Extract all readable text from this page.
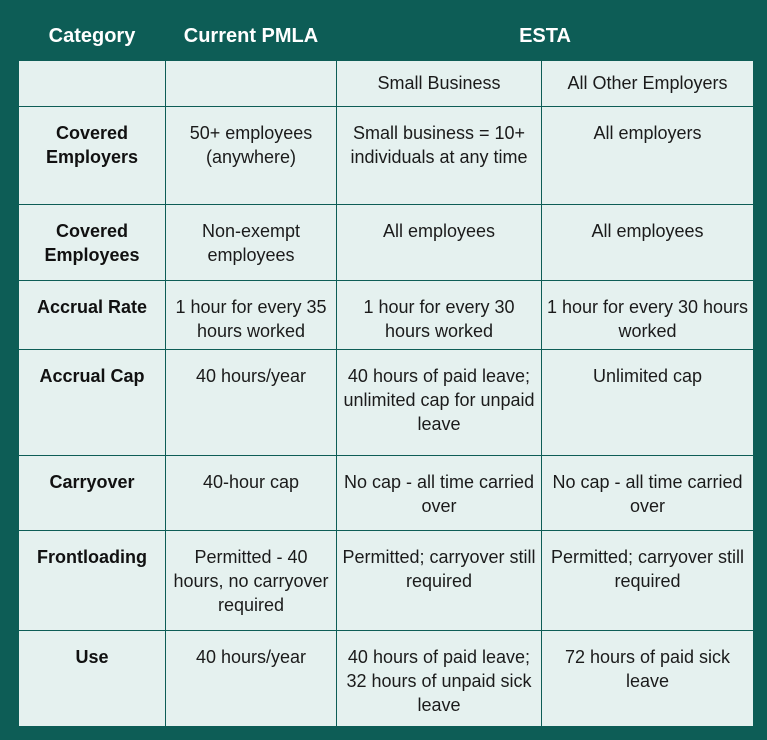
Category	Current PMLA	ESTA	
		Small Business	All Other Employers
Covered Employers	50+ employees (anywhere)	Small business = 10+ individuals at any time	All employers
Covered Employees	Non-exempt employees	All employees	All employees
Accrual Rate	1 hour for every 35 hours worked	1 hour for every 30 hours worked	1 hour for every 30 hours worked
Accrual Cap	40 hours/year	40 hours of paid leave; unlimited cap for unpaid leave	Unlimited cap
Carryover	40-hour cap	No cap - all time carried over	No cap - all time carried over
Frontloading	Permitted - 40 hours, no carryover required	Permitted; carryover still required	Permitted; carryover still required
Use	40 hours/year	40 hours of paid leave; 32 hours of unpaid sick leave	72 hours of paid sick leave
